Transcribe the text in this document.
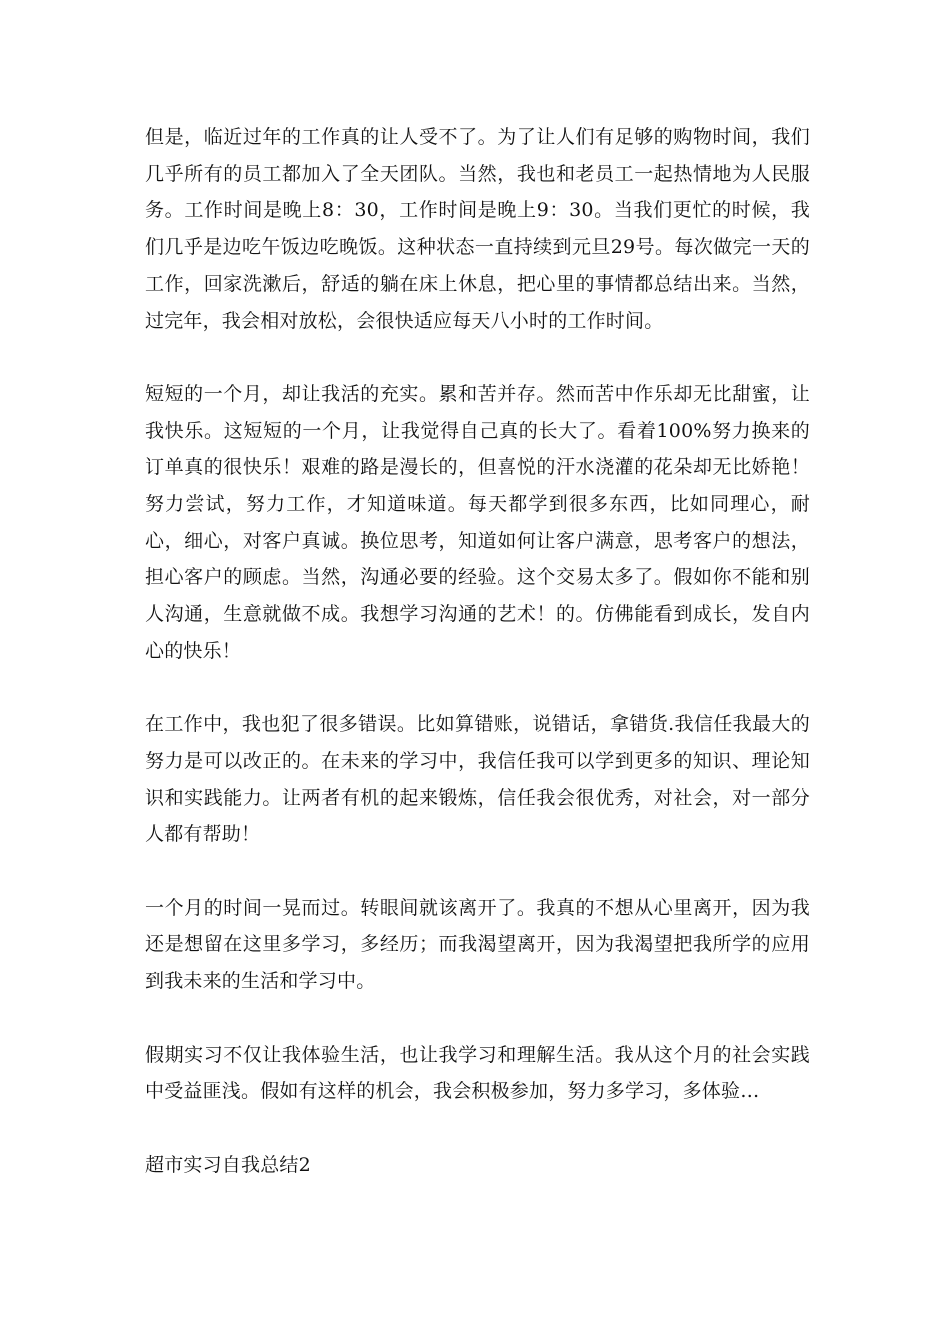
但是，临近过年的工作真的让人受不了。为了让人们有足够的购物时间，我们几乎所有的员工都加入了全天团队。当然，我也和老员工一起热情地为人民服务。工作时间是晚上8：30，工作时间是晚上9：30。当我们更忙的时候，我们几乎是边吃午饭边吃晚饭。这种状态一直持续到元旦29号。每次做完一天的工作，回家洗漱后，舒适的躺在床上休息，把心里的事情都总结出来。当然，过完年，我会相对放松，会很快适应每天八小时的工作时间。

短短的一个月，却让我活的充实。累和苦并存。然而苦中作乐却无比甜蜜，让我快乐。这短短的一个月，让我觉得自己真的长大了。看着100%努力换来的订单真的很快乐！艰难的路是漫长的，但喜悦的汗水浇灌的花朵却无比娇艳！努力尝试，努力工作，才知道味道。每天都学到很多东西，比如同理心，耐心，细心，对客户真诚。换位思考，知道如何让客户满意，思考客户的想法，担心客户的顾虑。当然，沟通必要的经验。这个交易太多了。假如你不能和别人沟通，生意就做不成。我想学习沟通的艺术！的。仿佛能看到成长，发自内心的快乐！

在工作中，我也犯了很多错误。比如算错账，说错话，拿错货.我信任我最大的努力是可以改正的。在未来的学习中，我信任我可以学到更多的知识、理论知识和实践能力。让两者有机的起来锻炼，信任我会很优秀，对社会，对一部分人都有帮助！

一个月的时间一晃而过。转眼间就该离开了。我真的不想从心里离开，因为我还是想留在这里多学习，多经历；而我渴望离开，因为我渴望把我所学的应用到我未来的生活和学习中。

假期实习不仅让我体验生活，也让我学习和理解生活。我从这个月的社会实践中受益匪浅。假如有这样的机会，我会积极参加，努力多学习，多体验…

超市实习自我总结2
